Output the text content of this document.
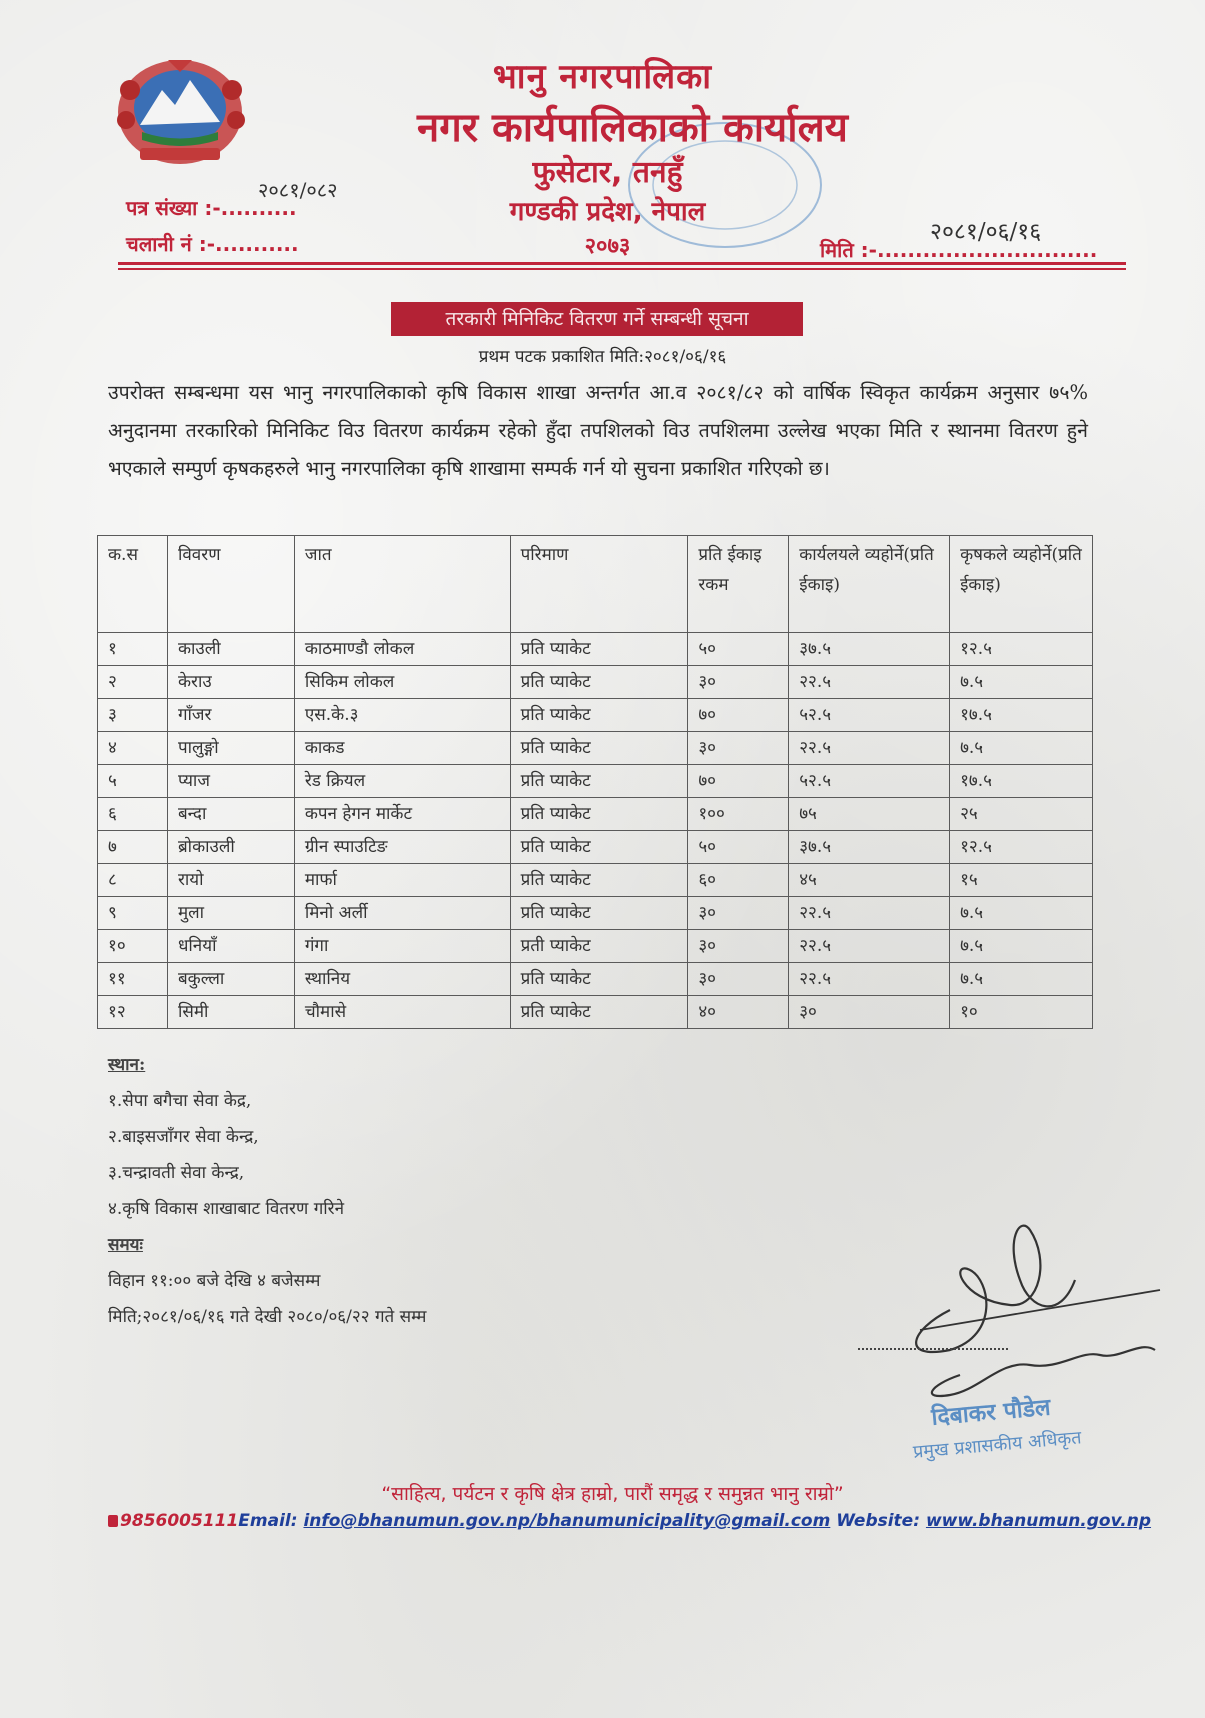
भानु नगरपालिका
नगर कार्यपालिकाको कार्यालय
फुसेटार, तनहुँ
गण्डकी प्रदेश, नेपाल
२०७३
२०८१/०८२
पत्र संख्या :-..........
चलानी नं :-...........	मिति :-.............................
२०८१/०६/१६
तरकारी मिनिकिट वितरण गर्ने सम्बन्धी सूचना
प्रथम पटक प्रकाशित मिति:२०८१/०६/१६
उपरोक्त सम्बन्धमा यस भानु नगरपालिकाको कृषि विकास शाखा अन्तर्गत आ.व २०८१/८२ को वार्षिक स्विकृत कार्यक्रम अनुसार ७५% अनुदानमा तरकारिको मिनिकिट विउ वितरण कार्यक्रम रहेको हुँदा तपशिलको विउ तपशिलमा उल्लेख भएका मिति र स्थानमा वितरण हुने भएकाले सम्पुर्ण कृषकहरुले भानु नगरपालिका कृषि शाखामा सम्पर्क गर्न यो सुचना प्रकाशित गरिएको छ।
क.स	विवरण	जात	परिमाण	प्रति ईकाइ रकम	कार्यलयले व्यहोर्ने(प्रति ईकाइ)	कृषकले व्यहोर्ने(प्रति ईकाइ)
१	काउली	काठमाण्डौ लोकल	प्रति प्याकेट	५०	३७.५	१२.५
२	केराउ	सिकिम लोकल	प्रति प्याकेट	३०	२२.५	७.५
३	गाँजर	एस.के.३	प्रति प्याकेट	७०	५२.५	१७.५
४	पालुङ्गो	काकड	प्रति प्याकेट	३०	२२.५	७.५
५	प्याज	रेड क्रियल	प्रति प्याकेट	७०	५२.५	१७.५
६	बन्दा	कपन हेगन मार्केट	प्रति प्याकेट	१००	७५	२५
७	ब्रोकाउली	ग्रीन स्पाउटिङ	प्रति प्याकेट	५०	३७.५	१२.५
८	रायो	मार्फा	प्रति प्याकेट	६०	४५	१५
९	मुला	मिनो अर्ली	प्रति प्याकेट	३०	२२.५	७.५
१०	धनियाँ	गंगा	प्रती प्याकेट	३०	२२.५	७.५
११	बकुल्ला	स्थानिय	प्रति प्याकेट	३०	२२.५	७.५
१२	सिमी	चौमासे	प्रति प्याकेट	४०	३०	१०
स्थान:
१.सेपा बगैचा सेवा केद्र,
२.बाइसजाँगर सेवा केन्द्र,
३.चन्द्रावती सेवा केन्द्र,
४.कृषि विकास शाखाबाट वितरण गरिने
समयः
विहान ११:०० बजे देखि ४ बजेसम्म
मिति;२०८१/०६/१६ गते देखी २०८०/०६/२२ गते सम्म
दिबाकर पौडेल
प्रमुख प्रशासकीय अधिकृत
“साहित्य, पर्यटन र कृषि क्षेत्र हाम्रो, पारौं समृद्ध र समुन्नत भानु राम्रो”
9856005111Email: info@bhanumun.gov.np/bhanumunicipality@gmail.com Website: www.bhanumun.gov.np
